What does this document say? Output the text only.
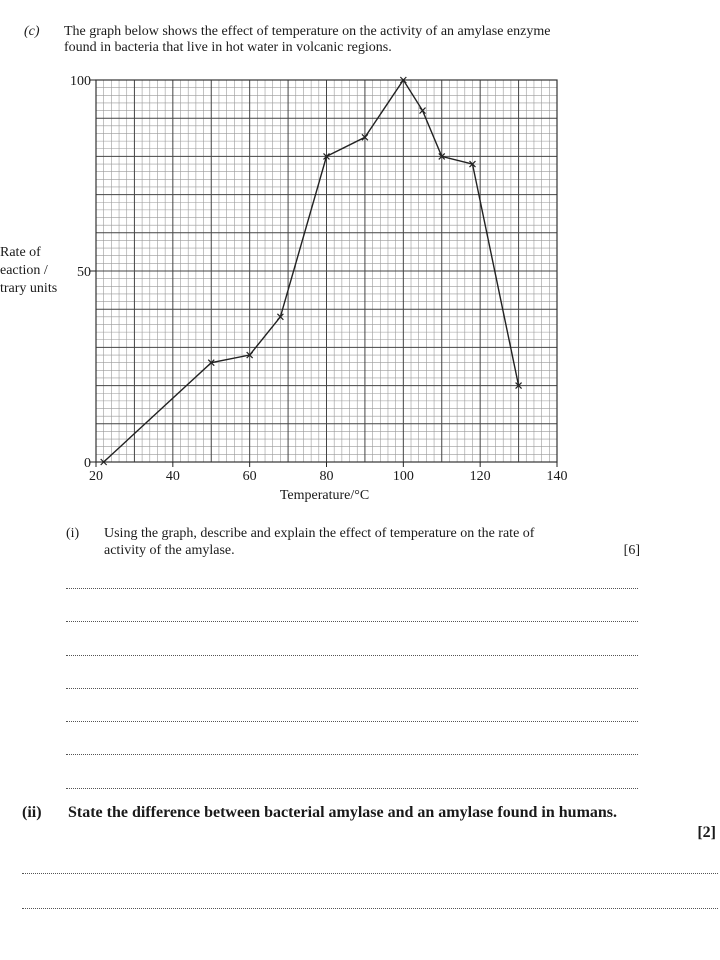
(c) The graph below shows the effect of temperature on the activity of an amylase enzyme
found in bacteria that live in hot water in volcanic regions.
20	40	60	80	100	120	140
0
50
100
Rate of
eaction /
trary units
Temperature/°C
(i) Using the graph, describe and explain the effect of temperature on the rate of
activity of the amylase.	[6]
(ii) State the difference between bacterial amylase and an amylase found in humans.
[2]
